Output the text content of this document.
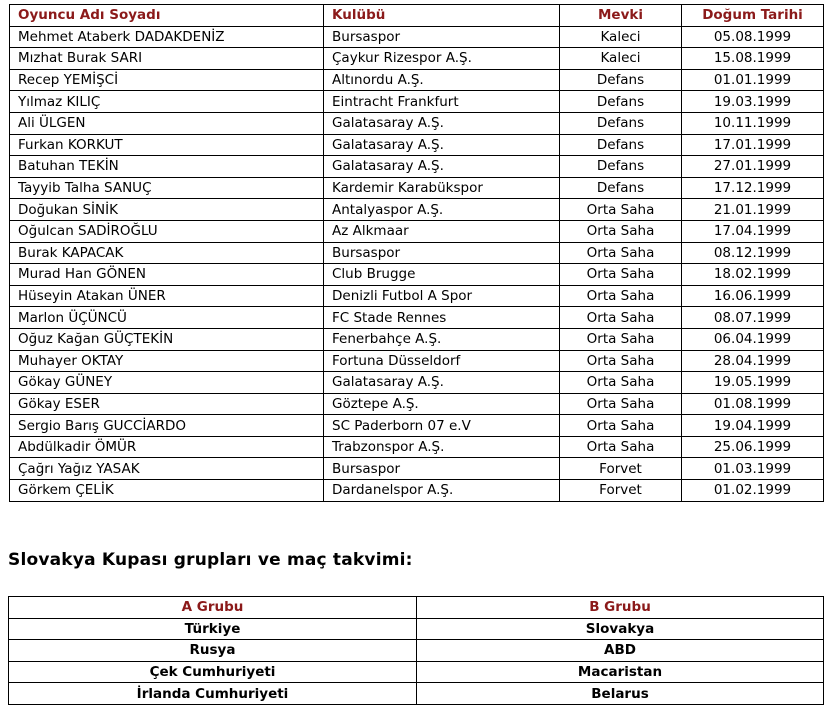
Oyuncu Adı Soyadı	Kulübü	Mevki	Doğum Tarihi
Mehmet Ataberk DADAKDENİZ	Bursaspor	Kaleci	05.08.1999
Mızhat Burak SARI	Çaykur Rizespor A.Ş.	Kaleci	15.08.1999
Recep YEMİŞCİ	Altınordu A.Ş.	Defans	01.01.1999
Yılmaz KILIÇ	Eintracht Frankfurt	Defans	19.03.1999
Ali ÜLGEN	Galatasaray A.Ş.	Defans	10.11.1999
Furkan KORKUT	Galatasaray A.Ş.	Defans	17.01.1999
Batuhan TEKİN	Galatasaray A.Ş.	Defans	27.01.1999
Tayyib Talha SANUÇ	Kardemir Karabükspor	Defans	17.12.1999
Doğukan SİNİK	Antalyaspor A.Ş.	Orta Saha	21.01.1999
Oğulcan SADİROĞLU	Az Alkmaar	Orta Saha	17.04.1999
Burak KAPACAK	Bursaspor	Orta Saha	08.12.1999
Murad Han GÖNEN	Club Brugge	Orta Saha	18.02.1999
Hüseyin Atakan ÜNER	Denizli Futbol A Spor	Orta Saha	16.06.1999
Marlon ÜÇÜNCÜ	FC Stade Rennes	Orta Saha	08.07.1999
Oğuz Kağan GÜÇTEKİN	Fenerbahçe A.Ş.	Orta Saha	06.04.1999
Muhayer OKTAY	Fortuna Düsseldorf	Orta Saha	28.04.1999
Gökay GÜNEY	Galatasaray A.Ş.	Orta Saha	19.05.1999
Gökay ESER	Göztepe A.Ş.	Orta Saha	01.08.1999
Sergio Barış GUCCİARDO	SC Paderborn 07 e.V	Orta Saha	19.04.1999
Abdülkadir ÖMÜR	Trabzonspor A.Ş.	Orta Saha	25.06.1999
Çağrı Yağız YASAK	Bursaspor	Forvet	01.03.1999
Görkem ÇELİK	Dardanelspor A.Ş.	Forvet	01.02.1999
Slovakya Kupası grupları ve maç takvimi:
A Grubu	B Grubu
Türkiye	Slovakya
Rusya	ABD
Çek Cumhuriyeti	Macaristan
İrlanda Cumhuriyeti	Belarus
